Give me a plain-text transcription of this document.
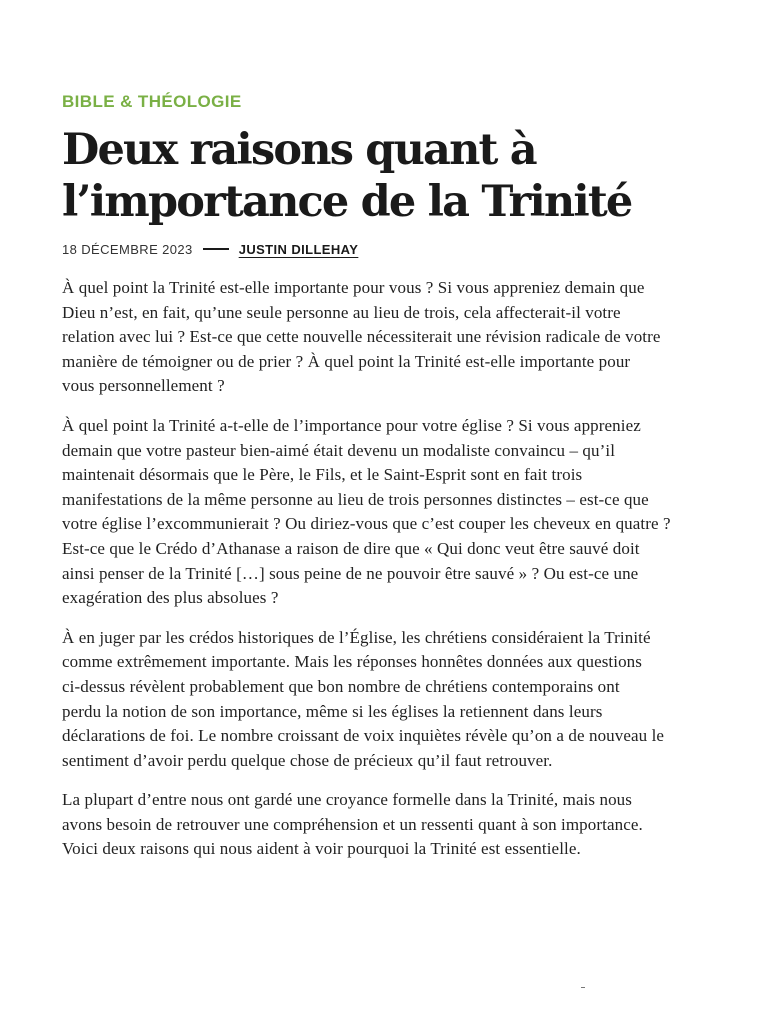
BIBLE & THÉOLOGIE
Deux raisons quant à
l’importance de la Trinité
18 DÉCEMBRE 2023	JUSTIN DILLEHAY

À quel point la Trinité est-elle importante pour vous ? Si vous appreniez demain que
Dieu n’est, en fait, qu’une seule personne au lieu de trois, cela affecterait-il votre
relation avec lui ? Est-ce que cette nouvelle nécessiterait une révision radicale de votre
manière de témoigner ou de prier ? À quel point la Trinité est-elle importante pour
vous personnellement ?

À quel point la Trinité a-t-elle de l’importance pour votre église ? Si vous appreniez
demain que votre pasteur bien-aimé était devenu un modaliste convaincu – qu’il
maintenait désormais que le Père, le Fils, et le Saint-Esprit sont en fait trois
manifestations de la même personne au lieu de trois personnes distinctes – est-ce que
votre église l’excommunierait ? Ou diriez-vous que c’est couper les cheveux en quatre ?
Est-ce que le Crédo d’Athanase a raison de dire que « Qui donc veut être sauvé doit
ainsi penser de la Trinité […] sous peine de ne pouvoir être sauvé » ? Ou est-ce une
exagération des plus absolues ?

À en juger par les crédos historiques de l’Église, les chrétiens considéraient la Trinité
comme extrêmement importante. Mais les réponses honnêtes données aux questions
ci-dessus révèlent probablement que bon nombre de chrétiens contemporains ont
perdu la notion de son importance, même si les églises la retiennent dans leurs
déclarations de foi. Le nombre croissant de voix inquiètes révèle qu’on a de nouveau le
sentiment d’avoir perdu quelque chose de précieux qu’il faut retrouver.

La plupart d’entre nous ont gardé une croyance formelle dans la Trinité, mais nous
avons besoin de retrouver une compréhension et un ressenti quant à son importance.
Voici deux raisons qui nous aident à voir pourquoi la Trinité est essentielle.
